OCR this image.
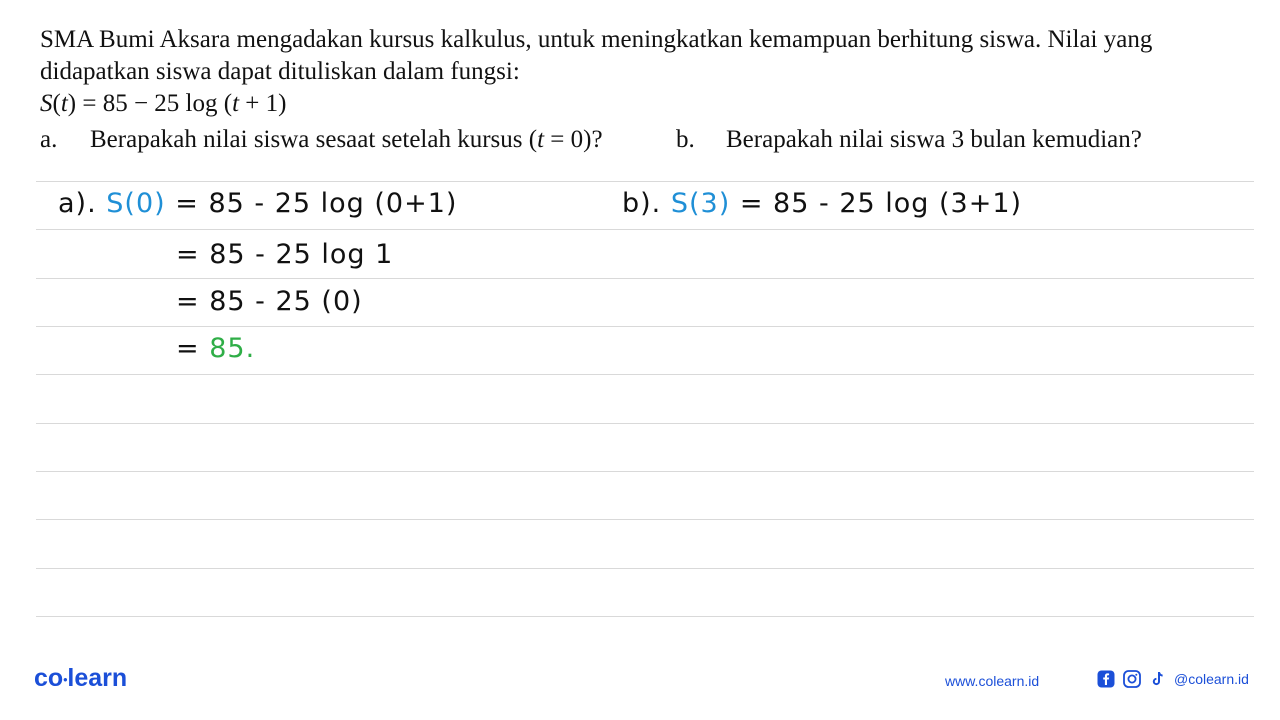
SMA Bumi Aksara mengadakan kursus kalkulus, untuk meningkatkan kemampuan berhitung siswa. Nilai yang didapatkan siswa dapat dituliskan dalam fungsi:

S(t) = 85 − 25 log (t + 1)

a. Berapakah nilai siswa sesaat setelah kursus (t = 0)?	b. Berapakah nilai siswa 3 bulan kemudian?
a). S(0) = 85 - 25 log (0+1)
= 85 - 25 log 1
= 85 - 25 (0)
= 85.
b). S(3) = 85 - 25 log (3+1)
co•learn	www.colearn.id	@colearn.id
